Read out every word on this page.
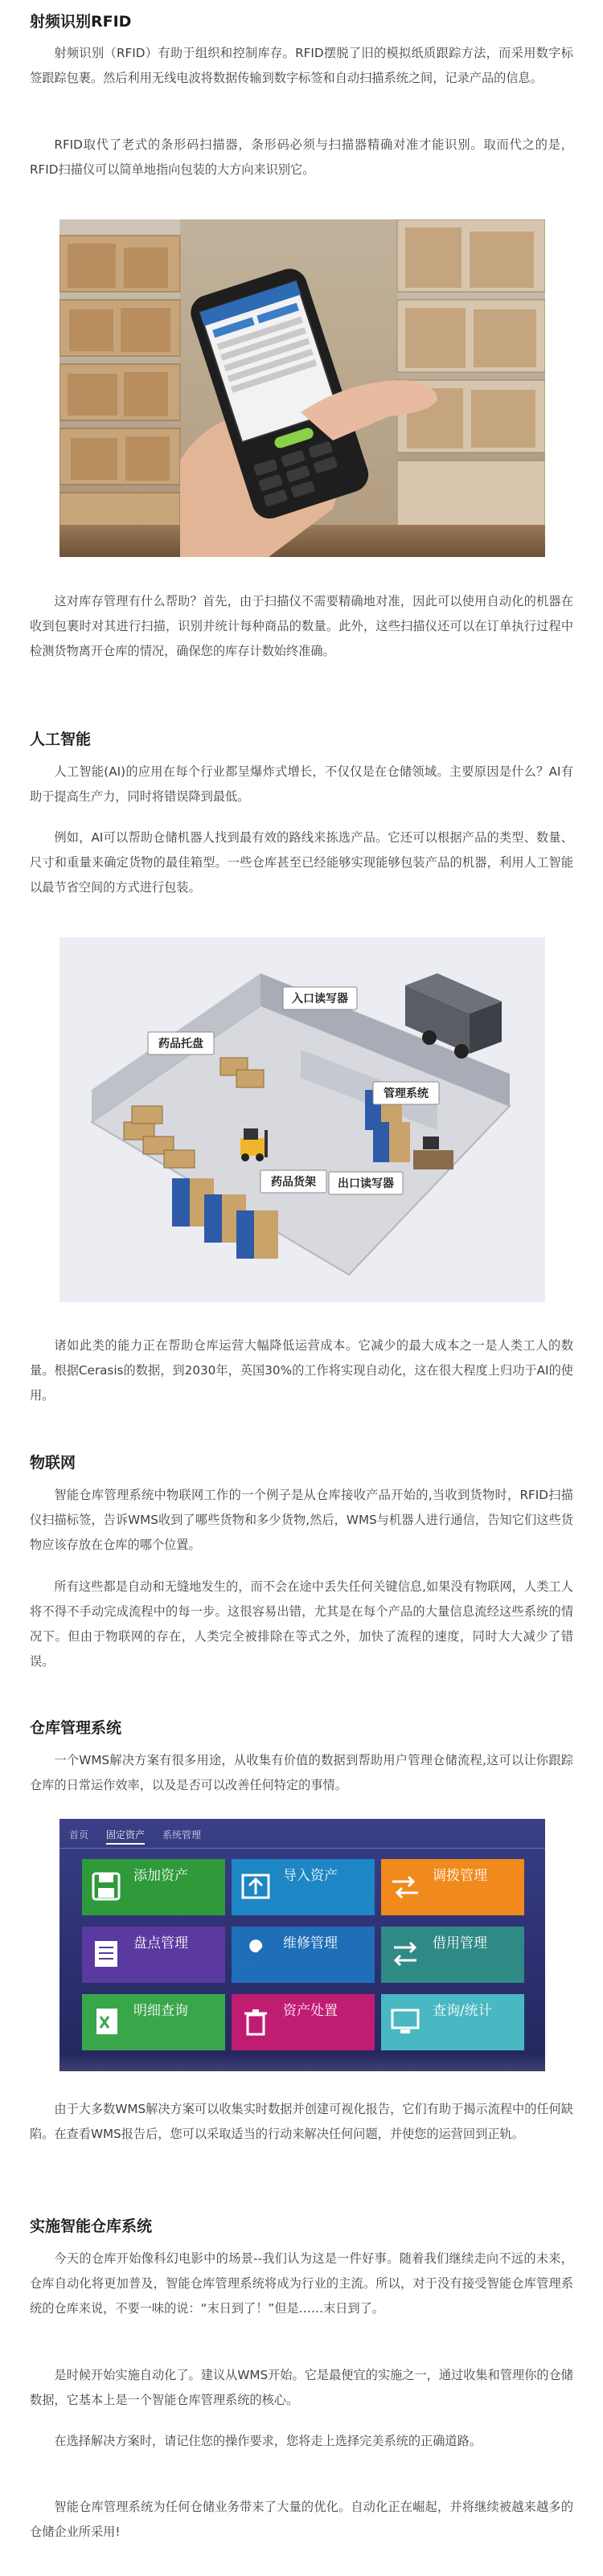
射频识别RFID

射频识别（RFID）有助于组织和控制库存。RFID摆脱了旧的模拟纸质跟踪方法，而采用数字标签跟踪包裹。然后利用无线电波将数据传输到数字标签和自动扫描系统之间，记录产品的信息。

RFID取代了老式的条形码扫描器，条形码必须与扫描器精确对准才能识别。取而代之的是，RFID扫描仪可以简单地指向包装的大方向来识别它。

这对库存管理有什么帮助？首先，由于扫描仪不需要精确地对准，因此可以使用自动化的机器在收到包裹时对其进行扫描，识别并统计每种商品的数量。此外，这些扫描仪还可以在订单执行过程中检测货物离开仓库的情况，确保您的库存计数始终准确。

人工智能

人工智能(AI)的应用在每个行业都呈爆炸式增长，不仅仅是在仓储领域。主要原因是什么？AI有助于提高生产力，同时将错误降到最低。

例如，AI可以帮助仓储机器人找到最有效的路线来拣选产品。它还可以根据产品的类型、数量、尺寸和重量来确定货物的最佳箱型。一些仓库甚至已经能够实现能够包装产品的机器，利用人工智能以最节省空间的方式进行包装。

入口读写器
药品托盘
管理系统
药品货架 出口读写器

诸如此类的能力正在帮助仓库运营大幅降低运营成本。它减少的最大成本之一是人类工人的数量。根据Cerasis的数据，到2030年，英国30%的工作将实现自动化，这在很大程度上归功于AI的使用。

物联网

智能仓库管理系统中物联网工作的一个例子是从仓库接收产品开始的,当收到货物时，RFID扫描仪扫描标签，告诉WMS收到了哪些货物和多少货物,然后，WMS与机器人进行通信，告知它们这些货物应该存放在仓库的哪个位置。

所有这些都是自动和无缝地发生的，而不会在途中丢失任何关键信息,如果没有物联网，人类工人将不得不手动完成流程中的每一步。这很容易出错，尤其是在每个产品的大量信息流经这些系统的情况下。但由于物联网的存在，人类完全被排除在等式之外，加快了流程的速度，同时大大减少了错误。

仓库管理系统

一个WMS解决方案有很多用途，从收集有价值的数据到帮助用户管理仓储流程,这可以让你跟踪仓库的日常运作效率，以及是否可以改善任何特定的事情。

首页 固定资产 系统管理
添加资产	导入资产	调拨管理
盘点管理	维修管理	借用管理
明细查询	资产处置	查询/统计

由于大多数WMS解决方案可以收集实时数据并创建可视化报告，它们有助于揭示流程中的任何缺陷。在查看WMS报告后，您可以采取适当的行动来解决任何问题，并使您的运营回到正轨。

实施智能仓库系统

今天的仓库开始像科幻电影中的场景--我们认为这是一件好事。随着我们继续走向不远的未来，仓库自动化将更加普及，智能仓库管理系统将成为行业的主流。所以，对于没有接受智能仓库管理系统的仓库来说，不要一味的说：“末日到了！”但是……末日到了。

是时候开始实施自动化了。建议从WMS开始。它是最便宜的实施之一，通过收集和管理你的仓储数据，它基本上是一个智能仓库管理系统的核心。

在选择解决方案时，请记住您的操作要求，您将走上选择完美系统的正确道路。

智能仓库管理系统为任何仓储业务带来了大量的优化。自动化正在崛起，并将继续被越来越多的仓储企业所采用!
